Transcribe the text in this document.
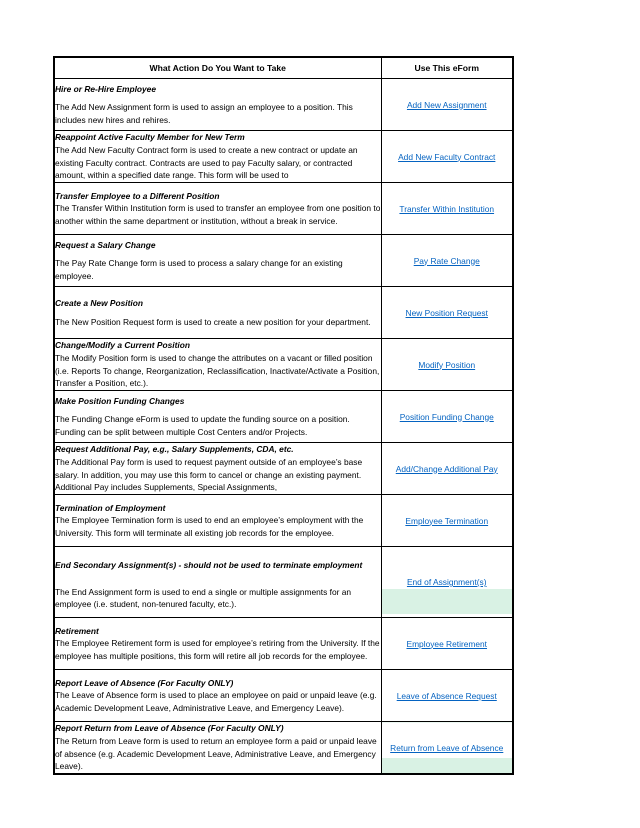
What Action Do You Want to Take	Use This eForm

Hire or Re-Hire Employee
The Add New Assignment form is used to assign an employee to a position. This includes new hires and rehires.	Add New Assignment

Reappoint Active Faculty Member for New Term
The Add New Faculty Contract form is used to create a new contract or update an existing Faculty contract. Contracts are used to pay Faculty salary, or contracted amount, within a specified date range. This form will be used to	Add New Faculty Contract

Transfer Employee to a Different Position
The Transfer Within Institution form is used to transfer an employee from one position to another within the same department or institution, without a break in service.	Transfer Within Institution

Request a Salary Change
The Pay Rate Change form is used to process a salary change for an existing employee.	Pay Rate Change

Create a New Position
The New Position Request form is used to create a new position for your department.	New Position Request

Change/Modify a Current Position
The Modify Position form is used to change the attributes on a vacant or filled position (i.e. Reports To change, Reorganization, Reclassification, Inactivate/Activate a Position, Transfer a Position, etc.).	Modify Position

Make Position Funding Changes
The Funding Change eForm is used to update the funding source on a position. Funding can be split between multiple Cost Centers and/or Projects.	Position Funding Change

Request Additional Pay, e.g., Salary Supplements, CDA, etc.
The Additional Pay form is used to request payment outside of an employee’s base salary. In addition, you may use this form to cancel or change an existing payment. Additional Pay includes Supplements, Special Assignments,	Add/Change Additional Pay

Termination of Employment
The Employee Termination form is used to end an employee’s employment with the University. This form will terminate all existing job records for the employee.	Employee Termination

End Secondary Assignment(s) - should not be used to terminate employment
The End Assignment form is used to end a single or multiple assignments for an employee (i.e. student, non-tenured faculty, etc.).	End of Assignment(s)

Retirement
The Employee Retirement form is used for employee’s retiring from the University. If the employee has multiple positions, this form will retire all job records for the employee.	Employee Retirement

Report Leave of Absence (For Faculty ONLY)
The Leave of Absence form is used to place an employee on paid or unpaid leave (e.g. Academic Development Leave, Administrative Leave, and Emergency Leave).	Leave of Absence Request

Report Return from Leave of Absence (For Faculty ONLY)
The Return from Leave form is used to return an employee form a paid or unpaid leave of absence (e.g. Academic Development Leave, Administrative Leave, and Emergency Leave).	Return from Leave of Absence
